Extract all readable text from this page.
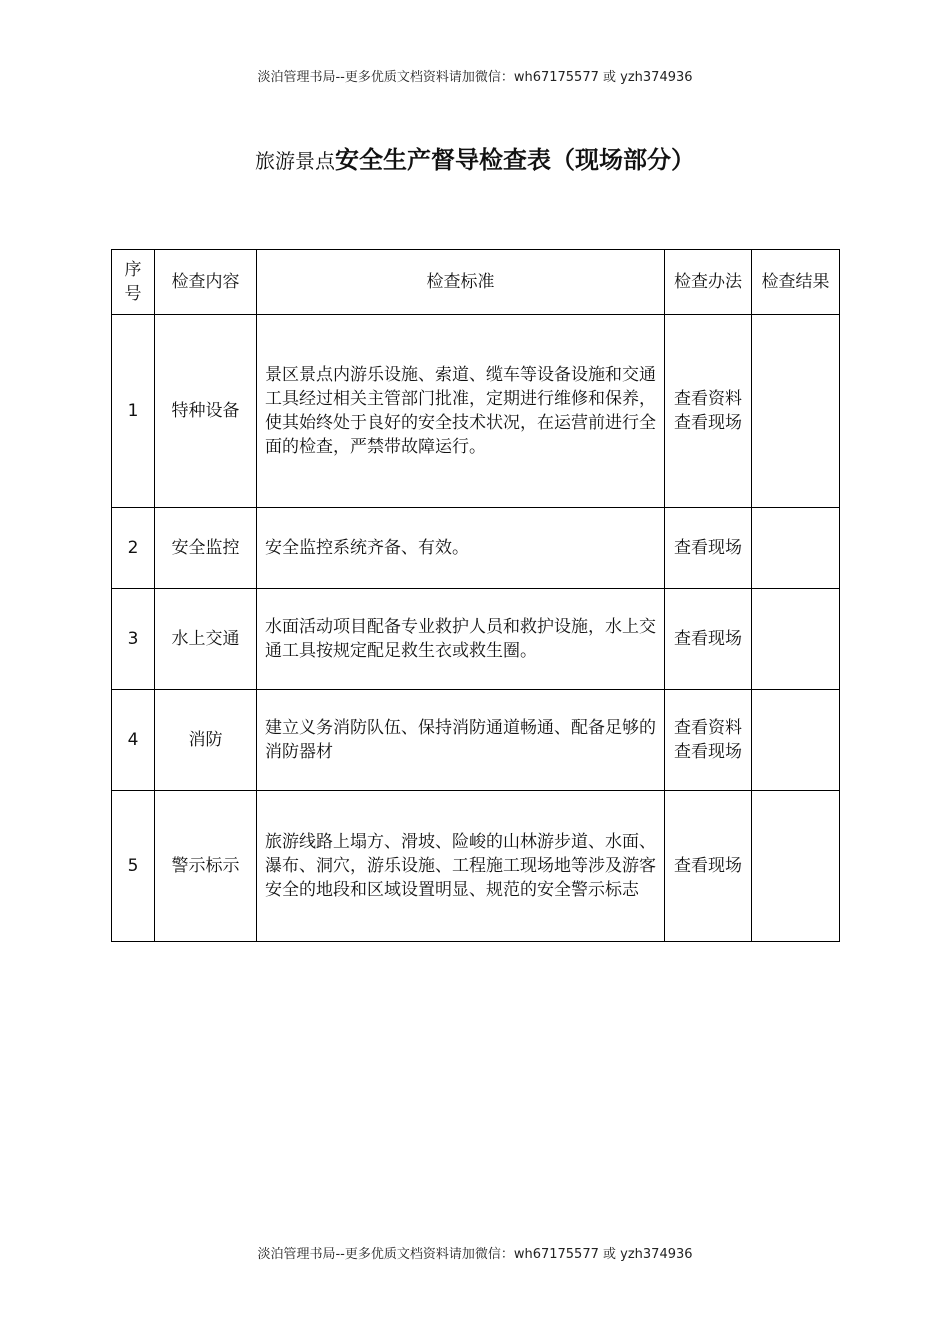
淡泊管理书局--更多优质文档资料请加微信：wh67175577 或 yzh374936
旅游景点安全生产督导检查表（现场部分）
序号	检查内容	检查标准	检查办法	检查结果
1	特种设备	景区景点内游乐设施、索道、缆车等设备设施和交通工具经过相关主管部门批准，定期进行维修和保养，使其始终处于良好的安全技术状况，在运营前进行全面的检查，严禁带故障运行。	查看资料
查看现场	
2	安全监控	安全监控系统齐备、有效。	查看现场	
3	水上交通	水面活动项目配备专业救护人员和救护设施，水上交通工具按规定配足救生衣或救生圈。	查看现场	
4	消防	建立义务消防队伍、保持消防通道畅通、配备足够的消防器材	查看资料
查看现场	
5	警示标示	旅游线路上塌方、滑坡、险峻的山林游步道、水面、瀑布、洞穴，游乐设施、工程施工现场地等涉及游客安全的地段和区域设置明显、规范的安全警示标志	查看现场	
淡泊管理书局--更多优质文档资料请加微信：wh67175577 或 yzh374936
